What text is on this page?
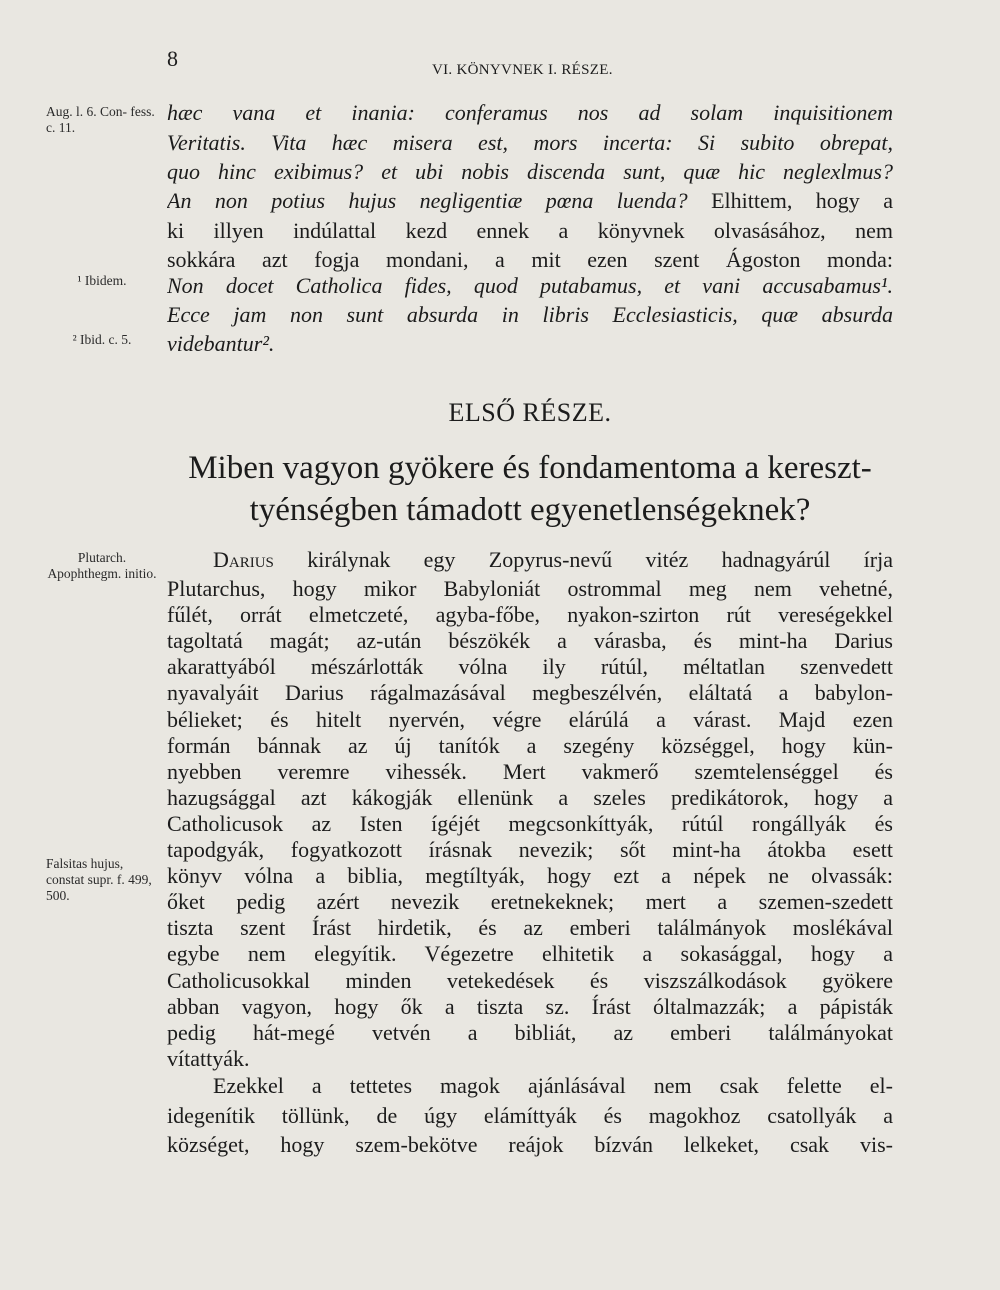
8	VI. KÖNYVNEK I. RÉSZE.
Aug. l. 6. Con- fess. c. 11.
¹ Ibidem.
² Ibid. c. 5.
Plutarch. Apophthegm. initio.
Falsitas hujus, constat supr. f. 499, 500.
hæc vana et inania: conferamus nos ad solam inquisitionem
Veritatis. Vita hæc misera est, mors incerta: Si subito obrepat,
quo hinc exibimus? et ubi nobis discenda sunt, quæ hic neglexlmus?
An non potius hujus negligentiæ pœna luenda? Elhittem, hogy a
ki illyen indúlattal kezd ennek a könyvnek olvasásához, nem
sokkára azt fogja mondani, a mit ezen szent Ágoston monda:
Non docet Catholica fides, quod putabamus, et vani accusabamus¹.
Ecce jam non sunt absurda in libris Ecclesiasticis, quæ absurda
videbantur².
ELSŐ RÉSZE.
Miben vagyon gyökere és fondamentoma a kereszt-
tyénségben támadott egyenetlenségeknek?
Darius királynak egy Zopyrus-nevű vitéz hadnagyárúl írja
Plutarchus, hogy mikor Babyloniát ostrommal meg nem vehetné,
fűlét, orrát elmetczeté, agyba-főbe, nyakon-szirton rút vereségekkel
tagoltatá magát; az-után bészökék a várasba, és mint-ha Darius
akarattyából mészárlották vólna ily rútúl, méltatlan szenvedett
nyavalyáit Darius rágalmazásával megbeszélvén, eláltatá a babylon-
bélieket; és hitelt nyervén, végre elárúlá a várast. Majd ezen
formán bánnak az új tanítók a szegény községgel, hogy kün-
nyebben veremre vihessék. Mert vakmerő szemtelenséggel és
hazugsággal azt kákogják ellenünk a szeles predikátorok, hogy a
Catholicusok az Isten ígéjét megcsonkíttyák, rútúl rongállyák és
tapodgyák, fogyatkozott írásnak nevezik; sőt mint-ha átokba esett
könyv vólna a biblia, megtíltyák, hogy ezt a népek ne olvassák:
őket pedig azért nevezik eretnekeknek; mert a szemen-szedett
tiszta szent Írást hirdetik, és az emberi találmányok moslékával
egybe nem elegyítik. Végezetre elhitetik a sokasággal, hogy a
Catholicusokkal minden vetekedések és viszszálkodások gyökere
abban vagyon, hogy ők a tiszta sz. Írást óltalmazzák; a pápisták
pedig hát-megé vetvén a bibliát, az emberi találmányokat
vítattyák.
Ezekkel a tettetes magok ajánlásával nem csak felette el-
idegenítik töllünk, de úgy elámíttyák és magokhoz csatollyák a
községet, hogy szem-bekötve reájok bízván lelkeket, csak vis-
